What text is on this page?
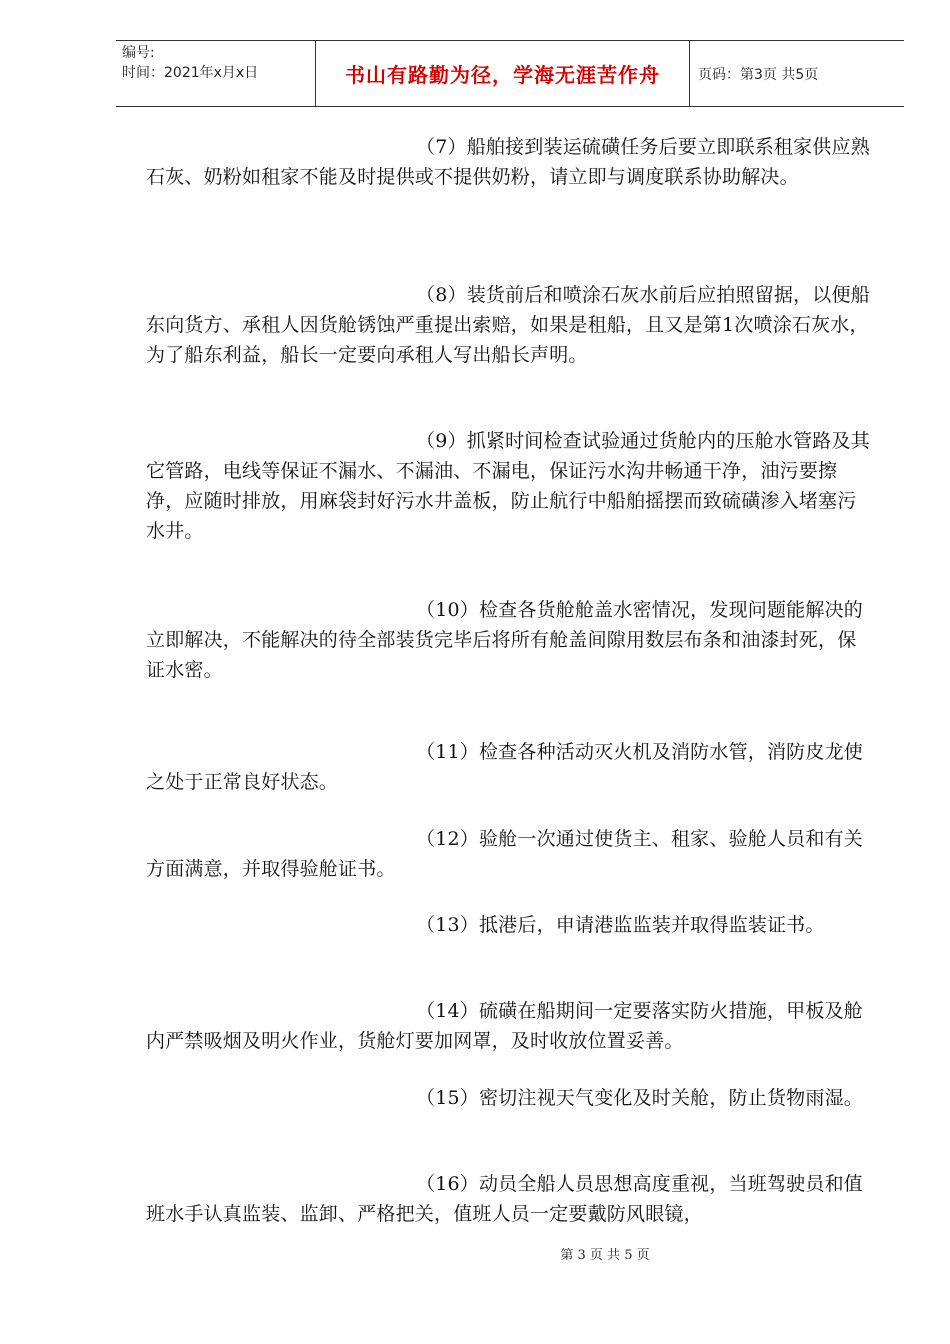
编号:
时间：2021年x月x日	书山有路勤为径，学海无涯苦作舟	页码：第3页 共5页

（7）船舶接到装运硫磺任务后要立即联系租家供应熟石灰、奶粉如租家不能及时提供或不提供奶粉，请立即与调度联系协助解决。

（8）装货前后和喷涂石灰水前后应拍照留据，以便船东向货方、承租人因货舱锈蚀严重提出索赔，如果是租船，且又是第1次喷涂石灰水，为了船东利益，船长一定要向承租人写出船长声明。

（9）抓紧时间检查试验通过货舱内的压舱水管路及其它管路，电线等保证不漏水、不漏油、不漏电，保证污水沟井畅通干净，油污要擦净，应随时排放，用麻袋封好污水井盖板，防止航行中船舶摇摆而致硫磺渗入堵塞污水井。

（10）检查各货舱舱盖水密情况，发现问题能解决的立即解决，不能解决的待全部装货完毕后将所有舱盖间隙用数层布条和油漆封死，保证水密。

（11）检查各种活动灭火机及消防水管，消防皮龙使之处于正常良好状态。

（12）验舱一次通过使货主、租家、验舱人员和有关方面满意，并取得验舱证书。

（13）抵港后，申请港监监装并取得监装证书。

（14）硫磺在船期间一定要落实防火措施，甲板及舱内严禁吸烟及明火作业，货舱灯要加网罩，及时收放位置妥善。

（15）密切注视天气变化及时关舱，防止货物雨湿。

（16）动员全船人员思想高度重视，当班驾驶员和值班水手认真监装、监卸、严格把关，值班人员一定要戴防风眼镜，

第 3 页 共 5 页
